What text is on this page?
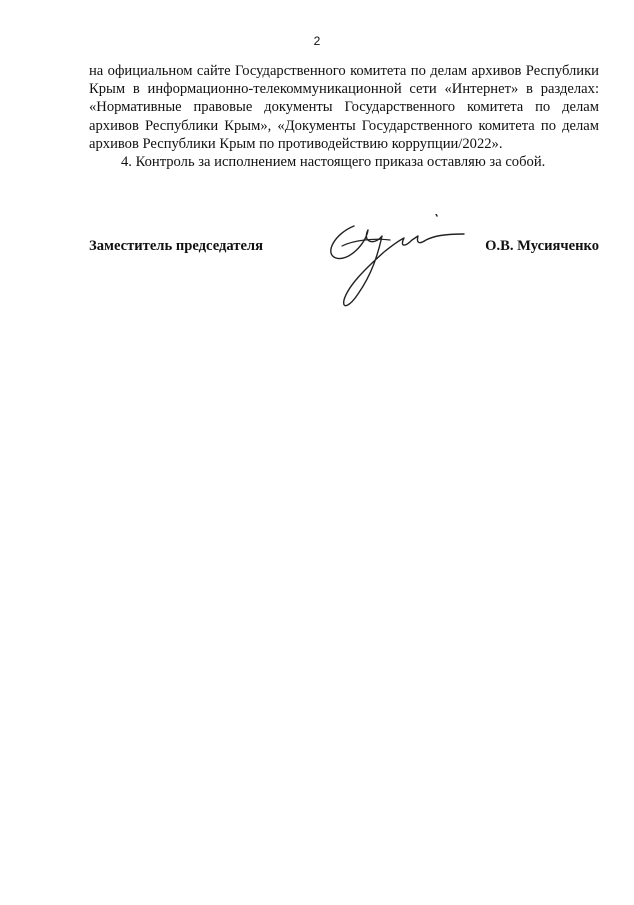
2

на официальном сайте Государственного комитета по делам архивов Республики Крым в информационно-телекоммуникационной сети «Интернет» в разделах: «Нормативные правовые документы Государственного комитета по делам архивов Республики Крым», «Документы Государственного комитета по делам архивов Республики Крым по противодействию коррупции/2022».

4. Контроль за исполнением настоящего приказа оставляю за собой.

Заместитель председателя	О.В. Мусияченко
